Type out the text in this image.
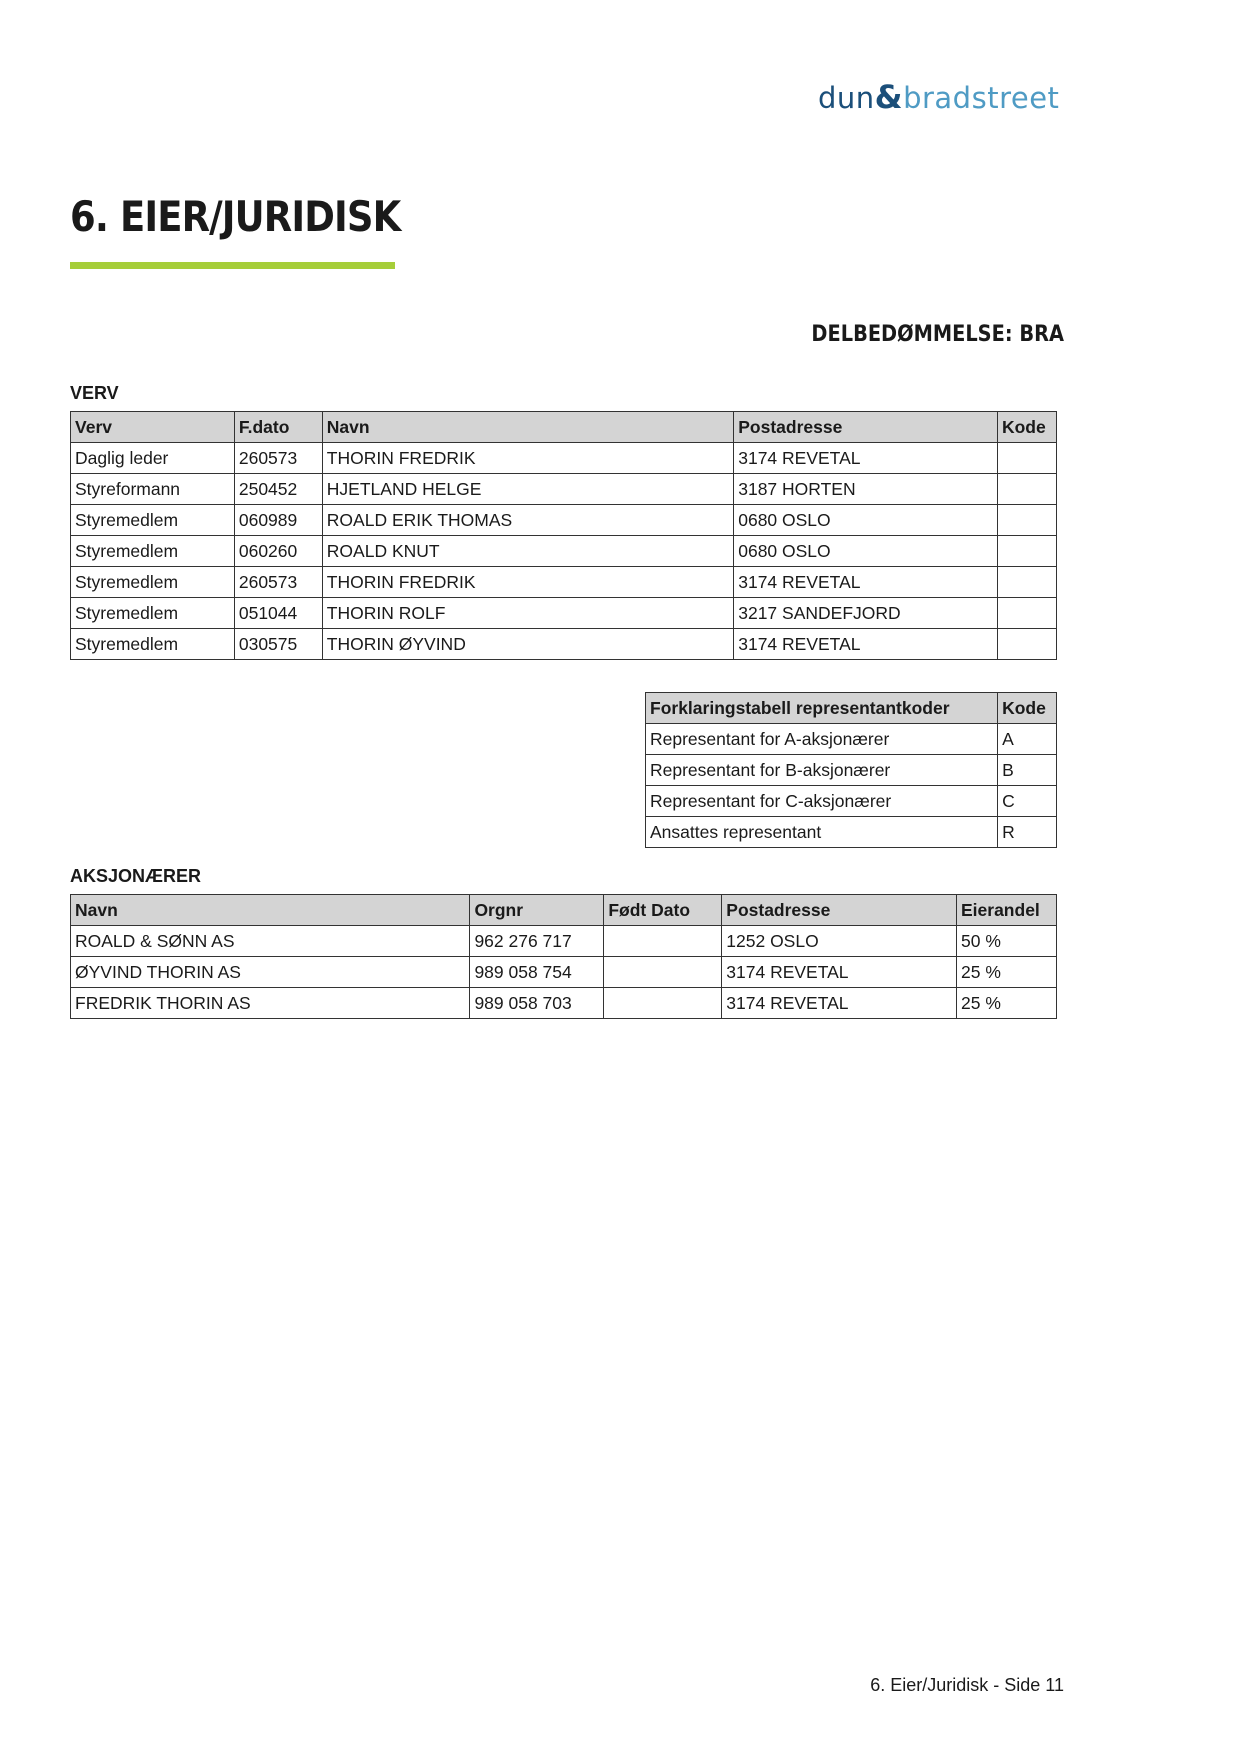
dun&bradstreet
6. EIER/JURIDISK
DELBEDØMMELSE: BRA

VERV

Verv	F.dato	Navn	Postadresse	Kode
Daglig leder	260573	THORIN FREDRIK	3174 REVETAL	
Styreformann	250452	HJETLAND HELGE	3187 HORTEN	
Styremedlem	060989	ROALD ERIK THOMAS	0680 OSLO	
Styremedlem	060260	ROALD KNUT	0680 OSLO	
Styremedlem	260573	THORIN FREDRIK	3174 REVETAL	
Styremedlem	051044	THORIN ROLF	3217 SANDEFJORD	
Styremedlem	030575	THORIN ØYVIND	3174 REVETAL	
Forklaringstabell representantkoder	Kode
Representant for A-aksjonærer	A
Representant for B-aksjonærer	B
Representant for C-aksjonærer	C
Ansattes representant	R

AKSJONÆRER

Navn	Orgnr	Født Dato	Postadresse	Eierandel
ROALD & SØNN AS	962 276 717		1252 OSLO	50 %
ØYVIND THORIN AS	989 058 754		3174 REVETAL	25 %
FREDRIK THORIN AS	989 058 703		3174 REVETAL	25 %
6. Eier/Juridisk - Side 11
